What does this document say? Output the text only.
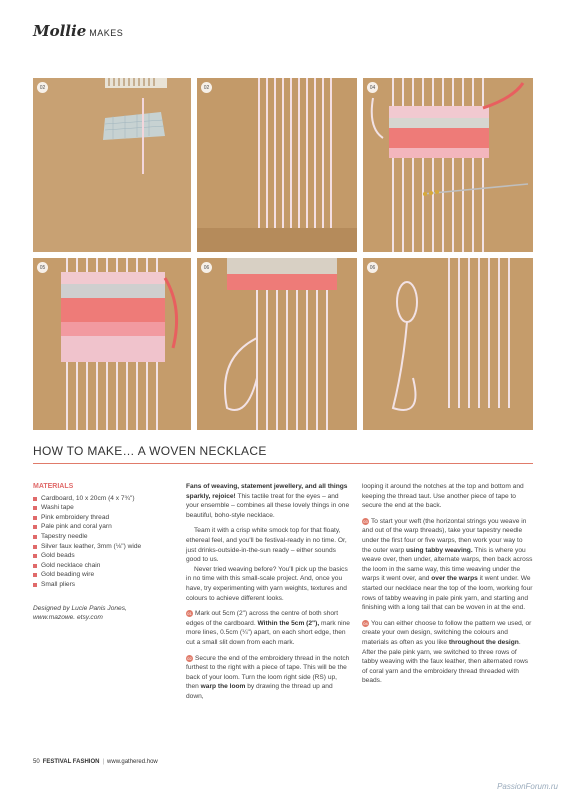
Mollie MAKES
02	02	04
05	06	06
HOW TO MAKE… A WOVEN NECKLACE
MATERIALS
Cardboard, 10 x 20cm (4 x 7¾")
Washi tape
Pink embroidery thread
Pale pink and coral yarn
Tapestry needle
Silver faux leather, 3mm (⅛") wide
Gold beads
Gold necklace chain
Gold beading wire
Small pliers
Designed by Lucie Panis Jones, www.mazowe. etsy.com

Fans of weaving, statement jewellery, and all things sparkly, rejoice! This tactile treat for the eyes – and your ensemble – combines all these lovely things in one beautiful, boho-style necklace.

Team it with a crisp white smock top for that floaty, ethereal feel, and you'll be festival-ready in no time. Or, just drinks-outside-in-the-sun ready – either sounds good to us.

Never tried weaving before? You'll pick up the basics in no time with this small-scale project. And, once you have, try experimenting with yarn weights, textures and colours to achieve different looks.

01 Mark out 5cm (2") across the centre of both short edges of the cardboard. Within the 5cm (2"), mark nine more lines, 0.5cm (¼") apart, on each short edge, then cut a small slit down from each mark.

02 Secure the end of the embroidery thread in the notch furthest to the right with a piece of tape. This will be the back of your loom. Turn the loom right side (RS) up, then warp the loom by drawing the thread up and down,

looping it around the notches at the top and bottom and keeping the thread taut. Use another piece of tape to secure the end at the back.

03 To start your weft (the horizontal strings you weave in and out of the warp threads), take your tapestry needle under the first four or five warps, then work your way to the outer warp using tabby weaving. This is where you weave over, then under, alternate warps, then back across the loom in the same way, this time weaving under the warps it went over, and over the warps it went under. We started our necklace near the top of the loom, working four rows of tabby weaving in pale pink yarn, and starting and finishing with a long tail that can be woven in at the end.

04 You can either choose to follow the pattern we used, or create your own design, switching the colours and materials as often as you like throughout the design. After the pale pink yarn, we switched to three rows of tabby weaving with the faux leather, then alternated rows of coral yarn and the embroidery thread threaded with beads.

50 FESTIVAL FASHION | www.gathered.how
PassionForum.ru
